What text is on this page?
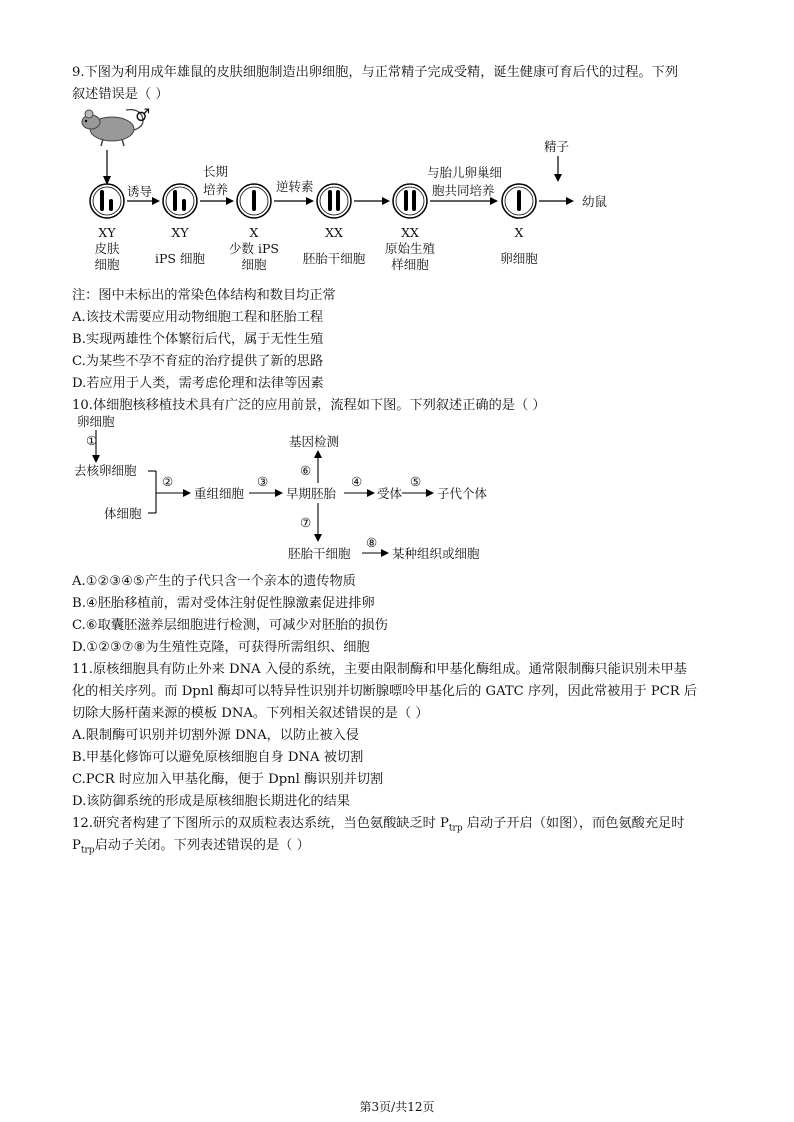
9.下图为利用成年雄鼠的皮肤细胞制造出卵细胞，与正常精子完成受精，诞生健康可育后代的过程。下列
叙述错误是（ ）
♂
诱导
长期
培养	逆转素
与胎儿卵巢细
胞共同培养
精子
幼鼠
XY
皮肤
细胞
XY
iPS 细胞
X
少数 iPS
细胞
XX
胚胎干细胞
XX
原始生殖
样细胞
X
卵细胞
注：图中未标出的常染色体结构和数目均正常
A.该技术需要应用动物细胞工程和胚胎工程
B.实现两雄性个体繁衍后代，属于无性生殖
C.为某些不孕不育症的治疗提供了新的思路
D.若应用于人类，需考虑伦理和法律等因素
10.体细胞核移植技术具有广泛的应用前景，流程如下图。下列叙述正确的是（ ）
卵细胞
①
去核卵细胞
体细胞
②
重组细胞
③
早期胚胎
⑥
基因检测
⑦
胚胎干细胞
④
受体
⑤
子代个体
⑧
某种组织或细胞
A.①②③④⑤产生的子代只含一个亲本的遗传物质
B.④胚胎移植前，需对受体注射促性腺激素促进排卵
C.⑥取囊胚滋养层细胞进行检测，可减少对胚胎的损伤
D.①②③⑦⑧为生殖性克隆，可获得所需组织、细胞
11.原核细胞具有防止外来 DNA 入侵的系统，主要由限制酶和甲基化酶组成。通常限制酶只能识别未甲基
化的相关序列。而 Dpnl 酶却可以特异性识别并切断腺嘌呤甲基化后的 GATC 序列，因此常被用于 PCR 后
切除大肠杆菌来源的模板 DNA。下列相关叙述错误的是（ ）
A.限制酶可识别并切割外源 DNA，以防止被入侵
B.甲基化修饰可以避免原核细胞自身 DNA 被切割
C.PCR 时应加入甲基化酶，便于 Dpnl 酶识别并切割
D.该防御系统的形成是原核细胞长期进化的结果
12.研究者构建了下图所示的双质粒表达系统，当色氨酸缺乏时 $P_{trp}$ 启动子开启（如图），而色氨酸充足时
$P_{trp}$启动子关闭。下列表述错误的是（ ）
第3页/共12页
